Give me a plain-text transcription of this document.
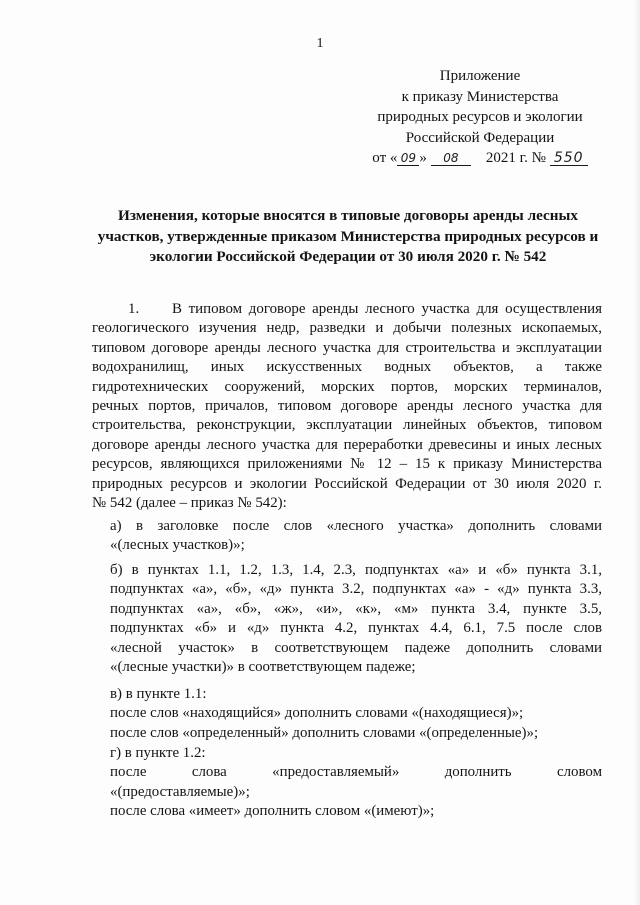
1
Приложение
к приказу Министерства
природных ресурсов и экологии
Российской Федерации
от « 09 » 08 2021 г. № 550
Изменения, которые вносятся в типовые договоры аренды лесных
участков, утвержденные приказом Министерства природных ресурсов и
экологии Российской Федерации от 30 июля 2020 г. № 542
1. В типовом договоре аренды лесного участка для осуществления
геологического изучения недр, разведки и добычи полезных ископаемых,
типовом договоре аренды лесного участка для строительства и эксплуатации
водохранилищ, иных искусственных водных объектов, а также
гидротехнических сооружений, морских портов, морских терминалов,
речных портов, причалов, типовом договоре аренды лесного участка для
строительства, реконструкции, эксплуатации линейных объектов, типовом
договоре аренды лесного участка для переработки древесины и иных лесных
ресурсов, являющихся приложениями № 12 – 15 к приказу Министерства
природных ресурсов и экологии Российской Федерации от 30 июля 2020 г.
№ 542 (далее – приказ № 542):
а) в заголовке после слов «лесного участка» дополнить словами
«(лесных участков)»;
б) в пунктах 1.1, 1.2, 1.3, 1.4, 2.3, подпунктах «а» и «б» пункта 3.1,
подпунктах «а», «б», «д» пункта 3.2, подпунктах «а» - «д» пункта 3.3,
подпунктах «а», «б», «ж», «и», «к», «м» пункта 3.4, пункте 3.5,
подпунктах «б» и «д» пункта 4.2, пунктах 4.4, 6.1, 7.5 после слов
«лесной участок» в соответствующем падеже дополнить словами
«(лесные участки)» в соответствующем падеже;
в) в пункте 1.1:
после слов «находящийся» дополнить словами «(находящиеся)»;
после слов «определенный» дополнить словами «(определенные)»;
г) в пункте 1.2:
после слова «предоставляемый» дополнить словом
«(предоставляемые)»;
после слова «имеет» дополнить словом «(имеют)»;
